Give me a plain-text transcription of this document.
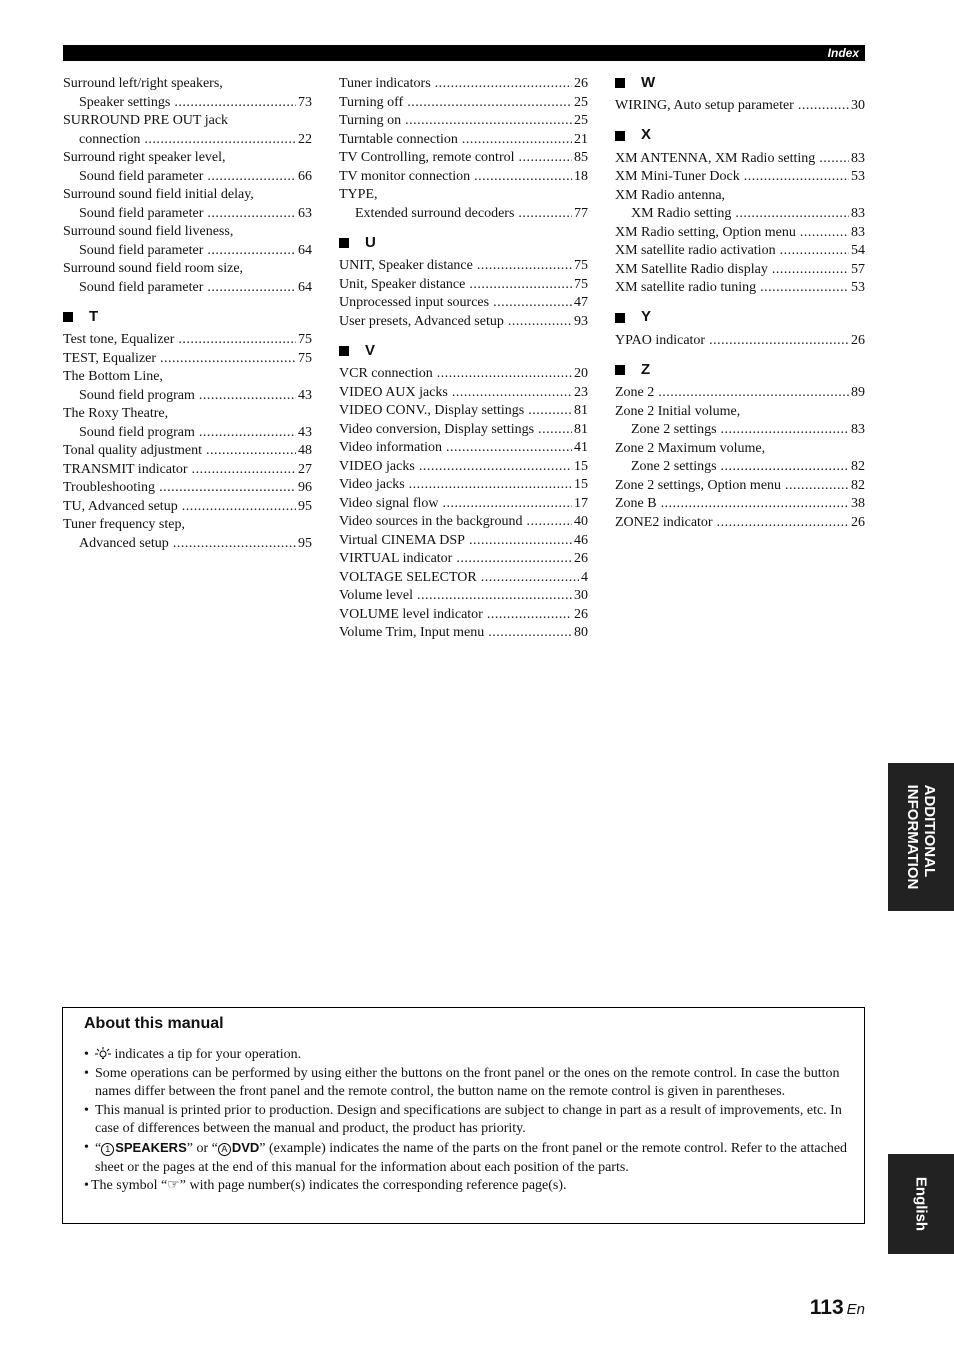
Index
Surround left/right speakers,
Speaker settings .....	73
SURROUND PRE OUT jack
connection .....	22
Surround right speaker level,
Sound field parameter .....	66
Surround sound field initial delay,
Sound field parameter .....	63
Surround sound field liveness,
Sound field parameter .....	64
Surround sound field room size,
Sound field parameter .....	64
T
Test tone, Equalizer .....	75
TEST, Equalizer .....	75
The Bottom Line,
Sound field program .....	43
The Roxy Theatre,
Sound field program .....	43
Tonal quality adjustment .....	48
TRANSMIT indicator .....	27
Troubleshooting .....	96
TU, Advanced setup .....	95
Tuner frequency step,
Advanced setup .....	95
Tuner indicators .....	26
Turning off .....	25
Turning on .....	25
Turntable connection .....	21
TV Controlling, remote control .....	85
TV monitor connection .....	18
TYPE,
Extended surround decoders .....	77
U
UNIT, Speaker distance .....	75
Unit, Speaker distance .....	75
Unprocessed input sources .....	47
User presets, Advanced setup .....	93
V
VCR connection .....	20
VIDEO AUX jacks .....	23
VIDEO CONV., Display settings .....	81
Video conversion, Display settings .....	81
Video information .....	41
VIDEO jacks .....	15
Video jacks .....	15
Video signal flow .....	17
Video sources in the background .....	40
Virtual CINEMA DSP .....	46
VIRTUAL indicator .....	26
VOLTAGE SELECTOR .....	4
Volume level .....	30
VOLUME level indicator .....	26
Volume Trim, Input menu .....	80
W
WIRING, Auto setup parameter .....	30
X
XM ANTENNA, XM Radio setting .....	83
XM Mini-Tuner Dock .....	53
XM Radio antenna,
XM Radio setting .....	83
XM Radio setting, Option menu .....	83
XM satellite radio activation .....	54
XM Satellite Radio display .....	57
XM satellite radio tuning .....	53
Y
YPAO indicator .....	26
Z
Zone 2 .....	89
Zone 2 Initial volume,
Zone 2 settings .....	83
Zone 2 Maximum volume,
Zone 2 settings .....	82
Zone 2 settings, Option menu .....	82
Zone B .....	38
ZONE2 indicator .....	26
ADDITIONAL
INFORMATION
English
About this manual
• indicates a tip for your operation.
• Some operations can be performed by using either the buttons on the front panel or the ones on the remote control. In case the button names differ between the front panel and the remote control, the button name on the remote control is given in parentheses.
• This manual is printed prior to production. Design and specifications are subject to change in part as a result of improvements, etc. In case of differences between the manual and product, the product has priority.
• “ 1 SPEAKERS” or “ A DVD” (example) indicates the name of the parts on the front panel or the remote control. Refer to the attached sheet or the pages at the end of this manual for the information about each position of the parts.
• The symbol “☞” with page number(s) indicates the corresponding reference page(s).
113 En
